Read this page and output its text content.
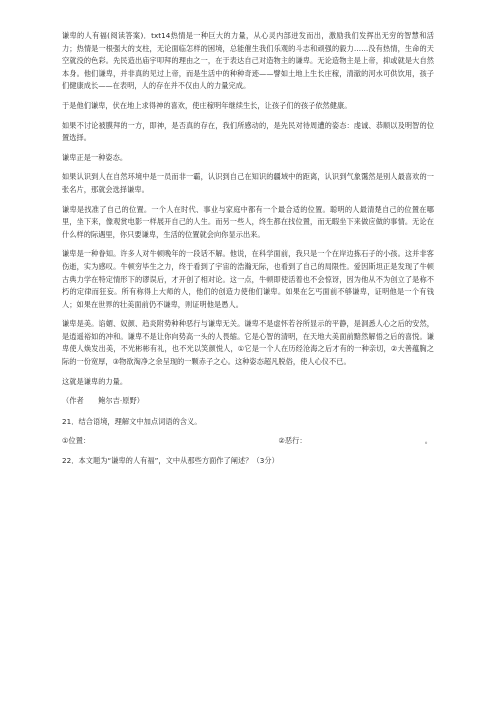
谦卑的人有福(阅读答案)．txt14热情是一种巨大的力量，从心灵内部迸发而出，激励我们发挥出无穷的智慧和活力；热情是一根强大的支柱，无论面临怎样的困境，总能催生我们乐观的斗志和顽强的毅力……没有热情，生命的天空就没的色彩。先民造出庙宇叩拜的理由之一，在于表达自己对造物主的谦卑。无论造物主是上帝，抑或就是大自然本身。他们谦卑，并非真的见过上帝，而是生活中的种种奇迹——譬如土地上生长庄稼，清澈的河水可供饮用，孩子们健康成长——在表明，人的存在并不仅由人的力量完成。

于是他们谦卑，伏在地上求得神的喜欢，使庄稼明年继续生长，让孩子们的孩子依然健康。

如果不讨论被膜拜的一方，即神，是否真的存在，我们所感动的，是先民对待周遭的姿态：虔诚、恭顺以及明智的位置选择。

谦卑正是一种姿态。

如果认识到人在自然环境中是一员而非一霸，认识到自己在知识的疆域中的距离，认识到气象霭然是别人最喜欢的一张名片，那就会选择谦卑。

谦卑是找准了自己的位置。一个人在时代、事业与家庭中都有一个最合适的位置。聪明的人最清楚自己的位置在哪里，坐下来，像观赏电影一样展开自己的人生。而另一些人，终生都在找位置，而无暇坐下来做应做的事情。无论在什么样的际遇里，你只要谦卑，生活的位置就会向你显示出来。

谦卑是一种眷知。许多人对牛顿晚年的一段话不解。他说，在科学面前，我只是一个在岸边拣石子的小孩。这并非客伤逝，实为感叹。牛顿穷毕生之力，终于看到了宇宙的浩瀚无际，也看到了自己的局限性。爱因斯坦正是发现了牛顿古典力学在特定情形下的谬误后，才开创了相对论。这一点，牛顿即使活着也不会惊讶，因为他从不为创立了是称不朽的定律而狂妄。所有称得上大师的人，他们的创造力使他们谦卑。如果在乞丐面前不够谦卑，证明他是一个有钱人；如果在世界的壮美面前仍不谦卑，则证明他是愚人。

谦卑是美。谄媚、奴颜、趋炎附势种种恶行与谦卑无关。谦卑不是虚怀若谷所显示的平静，是洞悉人心之后的安然，是逍遥裕如的冲和。谦卑不是让你向势高一头的人畏缩。它是心智的清明，在天地大美面前黯然解悟之后的喜悦。谦卑使人焕发出美，不光彬彬有礼，也不光以笑颜悦人，①它是一个人在历经沧海之后才有的一种亲切，②大善蕴胸之际的一份宽厚，③物欲淘净之余呈现的一颗赤子之心。这种姿态超凡脱俗，使人心仪不已。

这就是谦卑的力量。

（作者　　鲍尔吉·原野）

21．结合语境，理解文中加点词语的含义。

①位置：	②恶行：	。

22．本文题为“谦卑的人有福”，文中从那些方面作了阐述？（3分）
